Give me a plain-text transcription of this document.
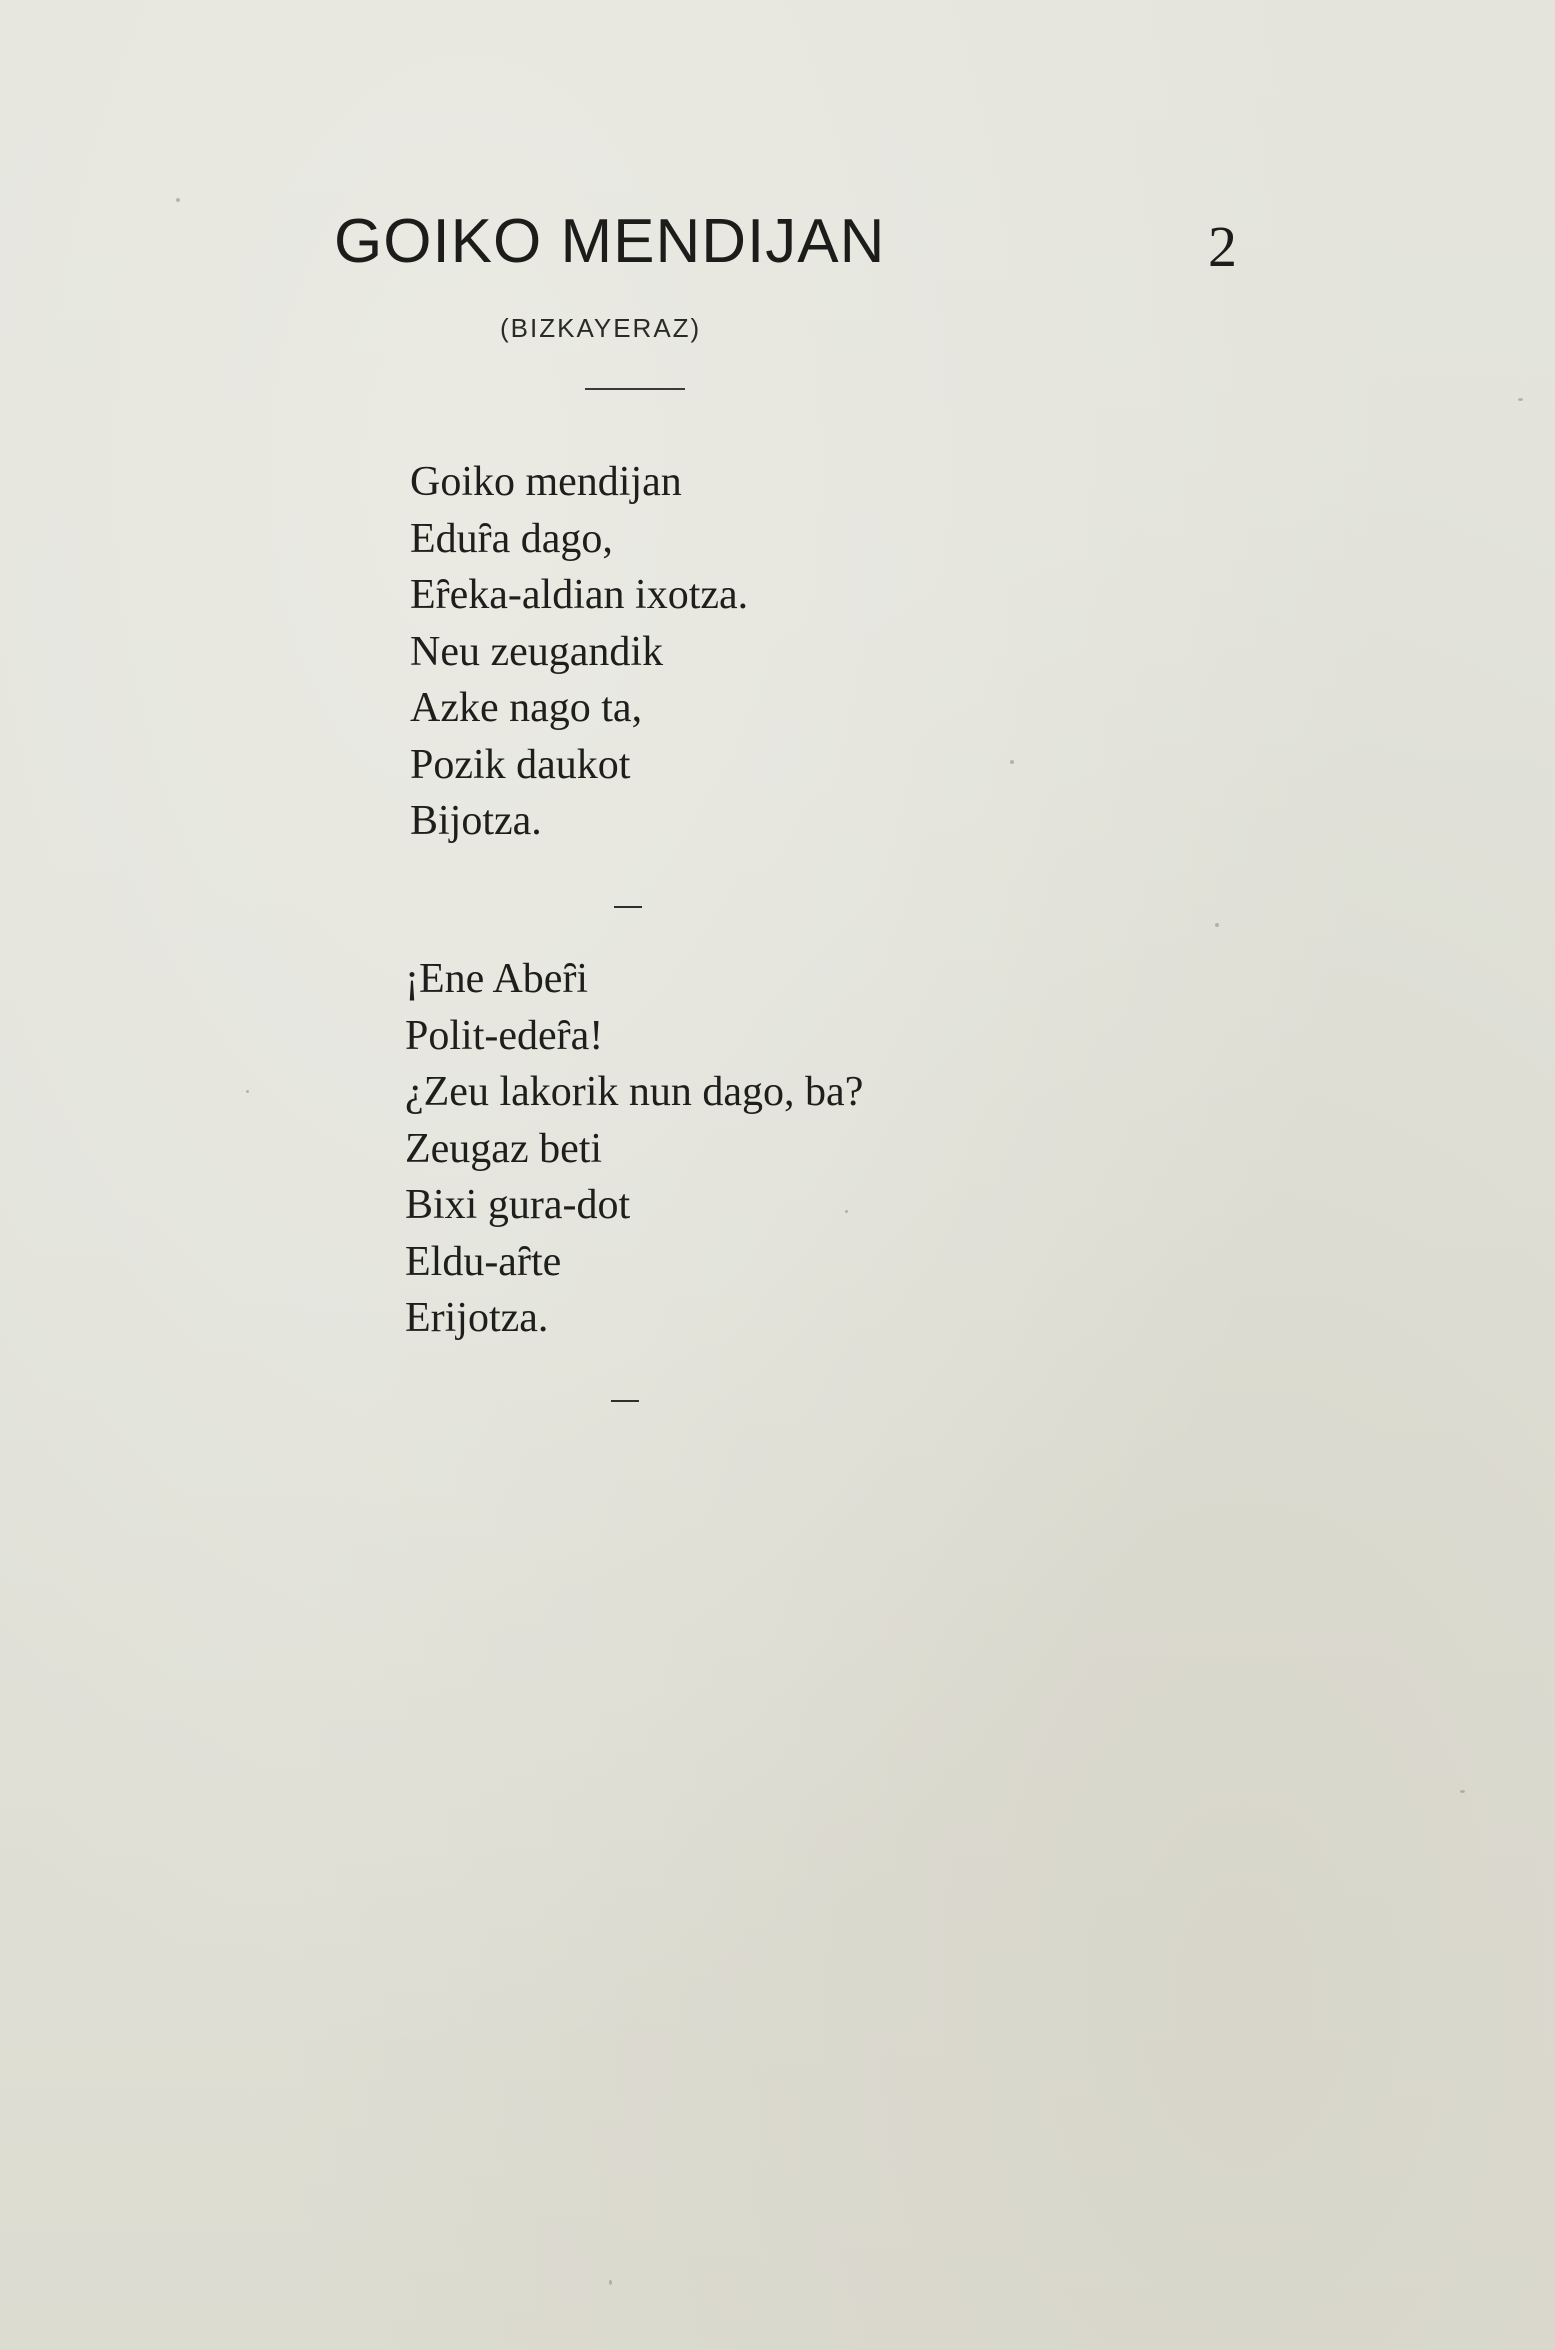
GOIKO MENDIJAN	2
(BIZKAYERAZ)
Goiko mendijan
Eduȓa dago,
Eȓeka-aldian ixotza.
Neu zeugandik
Azke nago ta,
Pozik daukot
Bijotza.
¡Ene Abeȓi
Polit-edeȓa!
¿Zeu lakorik nun dago, ba?
Zeugaz beti
Bixi gura-dot
Eldu-aȓte
Erijotza.
